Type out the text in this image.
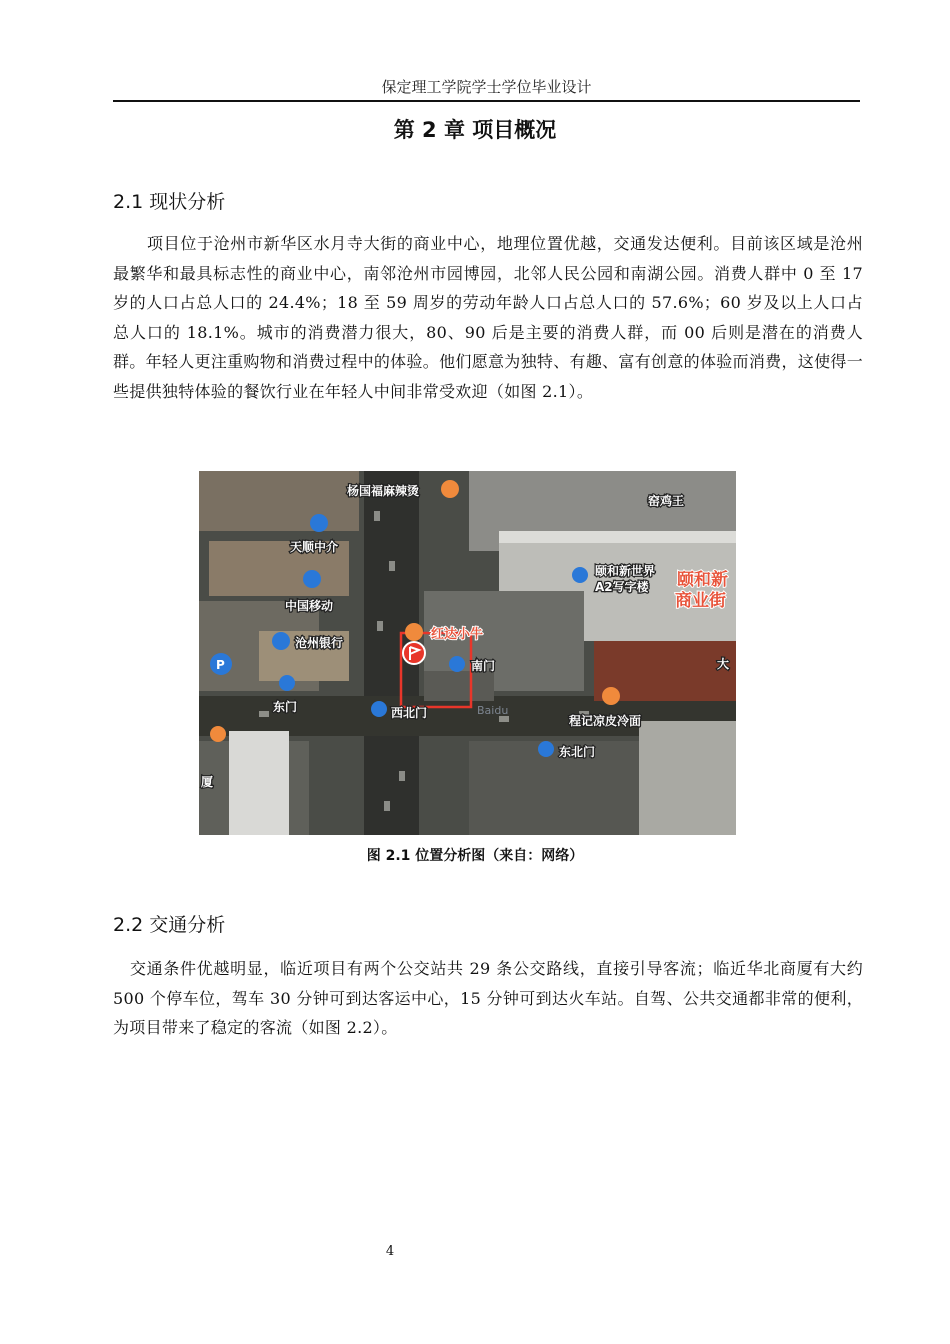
保定理工学院学士学位毕业设计
第 2 章 项目概况
2.1 现状分析
项目位于沧州市新华区水月寺大街的商业中心，地理位置优越，交通发达便利。目前该区域是沧州最繁华和最具标志性的商业中心，南邻沧州市园博园，北邻人民公园和南湖公园。消费人群中 0 至 17 岁的人口占总人口的 24.4%；18 至 59 周岁的劳动年龄人口占总人口的 57.6%；60 岁及以上人口占总人口的 18.1%。城市的消费潜力很大，80、90 后是主要的消费人群，而 00 后则是潜在的消费人群。年轻人更注重购物和消费过程中的体验。他们愿意为独特、有趣、富有创意的体验而消费，这使得一些提供独特体验的餐饮行业在年轻人中间非常受欢迎（如图 2.1）。
杨国福麻辣烫
窑鸡王
天顺中介
颐和新世界
A2写字楼 颐和新
商业街
中国移动
红达小牛
沧州银行
南门	大
P
东门	西北门	Baidu
程记凉皮冷面
东北门
厦
图 2.1 位置分析图（来自：网络）
2.2 交通分析
交通条件优越明显，临近项目有两个公交站共 29 条公交路线，直接引导客流；临近华北商厦有大约 500 个停车位，驾车 30 分钟可到达客运中心，15 分钟可到达火车站。自驾、公共交通都非常的便利，为项目带来了稳定的客流（如图 2.2）。
4
